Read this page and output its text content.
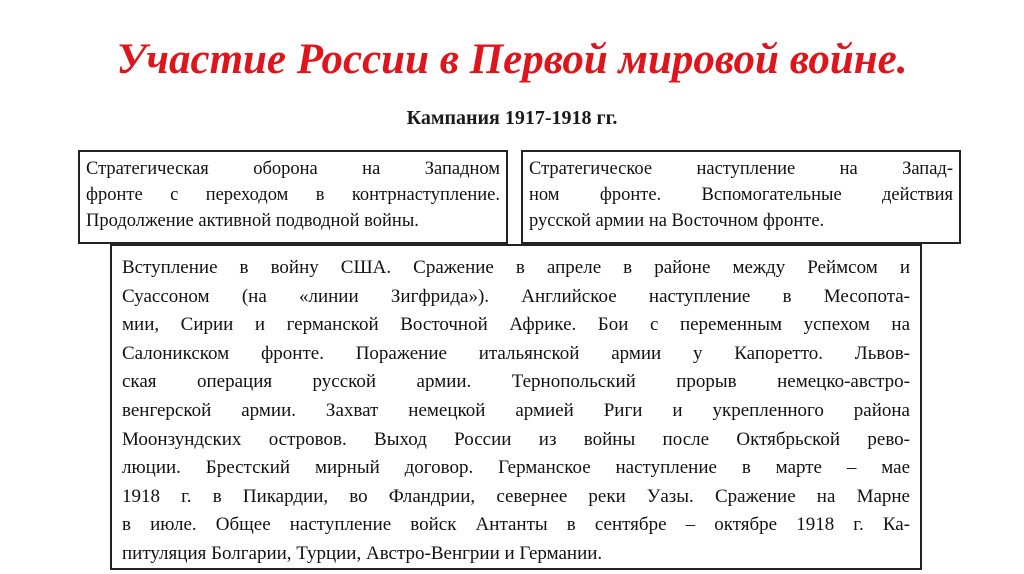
Участие России в Первой мировой войне.
Кампания 1917-1918 гг.
Стратегическая оборона на Западном
фронте с переходом в контрнаступление.
Продолжение активной подводной войны.
Стратегическое наступление на Запад-
ном фронте. Вспомогательные действия
русской армии на Восточном фронте.
Вступление в войну США. Сражение в апреле в районе между Реймсом и
Суассоном (на «линии Зигфрида»). Английское наступление в Месопота-
мии, Сирии и германской Восточной Африке. Бои с переменным успехом на
Салоникском фронте. Поражение итальянской армии у Капоретто. Львов-
ская операция русской армии. Тернопольский прорыв немецко-австро-
венгерской армии. Захват немецкой армией Риги и укрепленного района
Моонзундских островов. Выход России из войны после Октябрьской рево-
люции. Брестский мирный договор. Германское наступление в марте – мае
1918 г. в Пикардии, во Фландрии, севернее реки Уазы. Сражение на Марне
в июле. Общее наступление войск Антанты в сентябре – октябре 1918 г. Ка-
питуляция Болгарии, Турции, Австро-Венгрии и Германии.
